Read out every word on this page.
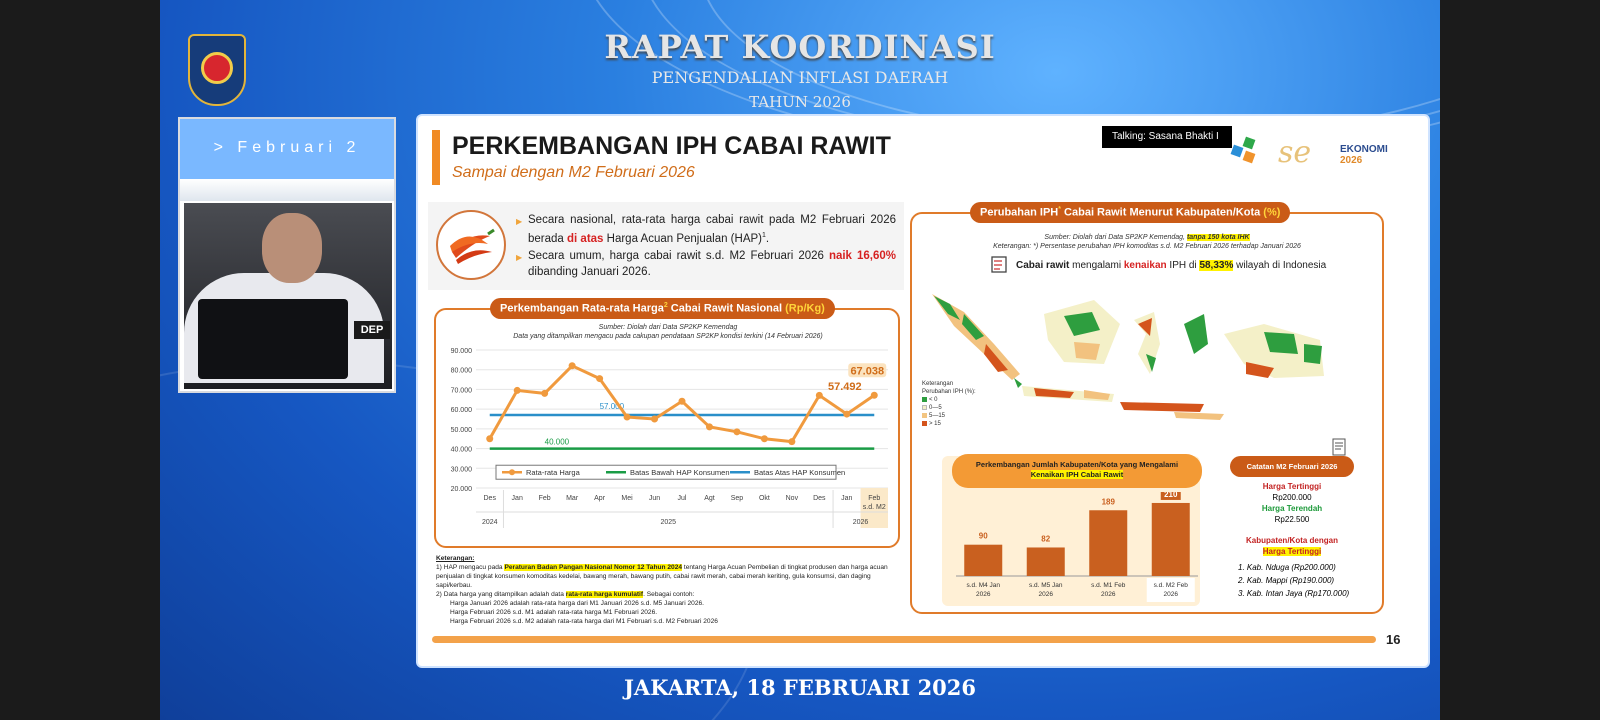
RAPAT KOORDINASI
PENGENDALIAN INFLASI DAERAH
TAHUN 2026
> Februari 2
DEP
PERKEMBANGAN IPH CABAI RAWIT
Sampai dengan M2 Februari 2026
se	EKONOMI
2026
▶ Secara nasional, rata-rata harga cabai rawit pada M2 Februari 2026 berada di atas Harga Acuan Penjualan (HAP)$^1$.
▶ Secara umum, harga cabai rawit s.d. M2 Februari 2026 naik 16,60% dibanding Januari 2026.
Perkembangan Rata-rata Harga$^2$ Cabai Rawit Nasional (Rp/Kg)
Sumber: Diolah dari Data SP2KP Kemendag
Data yang ditampilkan mengacu pada cakupan pendataan SP2KP kondisi terkini (14 Februari 2026)
20.000
30.000
40.000
50.000
60.000
70.000
80.000
90.000
Des Jan Feb Mar Apr Mei Jun Jul	Agt Sep Okt Nov Des Jan Feb
s.d. M2
2024	2025	2026
57.000
40.000
57.492
67.038
Rata-rata Harga	Batas Bawah HAP Konsumen	Batas Atas HAP Konsumen
Keterangan:
1) HAP mengacu pada Peraturan Badan Pangan Nasional Nomor 12 Tahun 2024 tentang Harga Acuan Pembelian di tingkat produsen dan harga acuan penjualan di tingkat konsumen komoditas kedelai, bawang merah, bawang putih, cabai rawit merah, cabai merah keriting, gula konsumsi, dan daging sapi/kerbau.
2) Data harga yang ditampilkan adalah data rata-rata harga kumulatif. Sebagai contoh:
Harga Januari 2026 adalah rata-rata harga dari M1 Januari 2026 s.d. M5 Januari 2026.
Harga Februari 2026 s.d. M1 adalah rata-rata harga M1 Februari 2026.
Harga Februari 2026 s.d. M2 adalah rata-rata harga dari M1 Februari s.d. M2 Februari 2026
Sumber: Diolah dari Data SP2KP Kemendag, tanpa 150 kota IHK
Keterangan: *) Persentase perubahan IPH komoditas s.d. M2 Februari 2026 terhadap Januari 2026
Cabai rawit mengalami kenaikan IPH di 58,33% wilayah di Indonesia
Keterangan
Perubahan IPH (%):
< 0
0—5
5—15
> 15
Perkembangan Jumlah Kabupaten/Kota yang Mengalami
Kenaikan IPH Cabai Rawit
90
s.d. M4 Jan
2026
82
s.d. M5 Jan
2026
189
s.d. M1 Feb
2026
210
s.d. M2 Feb
2026
Perubahan IPH* Cabai Rawit Menurut Kabupaten/Kota (%)
Catatan M2 Februari 2026
Harga Tertinggi
Rp200.000
Harga Terendah
Rp22.500
Kabupaten/Kota dengan
Harga Tertinggi
1. Kab. Nduga (Rp200.000)
2. Kab. Mappi (Rp190.000)
3. Kab. Intan Jaya (Rp170.000)
16
JAKARTA, 18 FEBRUARI 2026
Talking: Sasana Bhakti I
